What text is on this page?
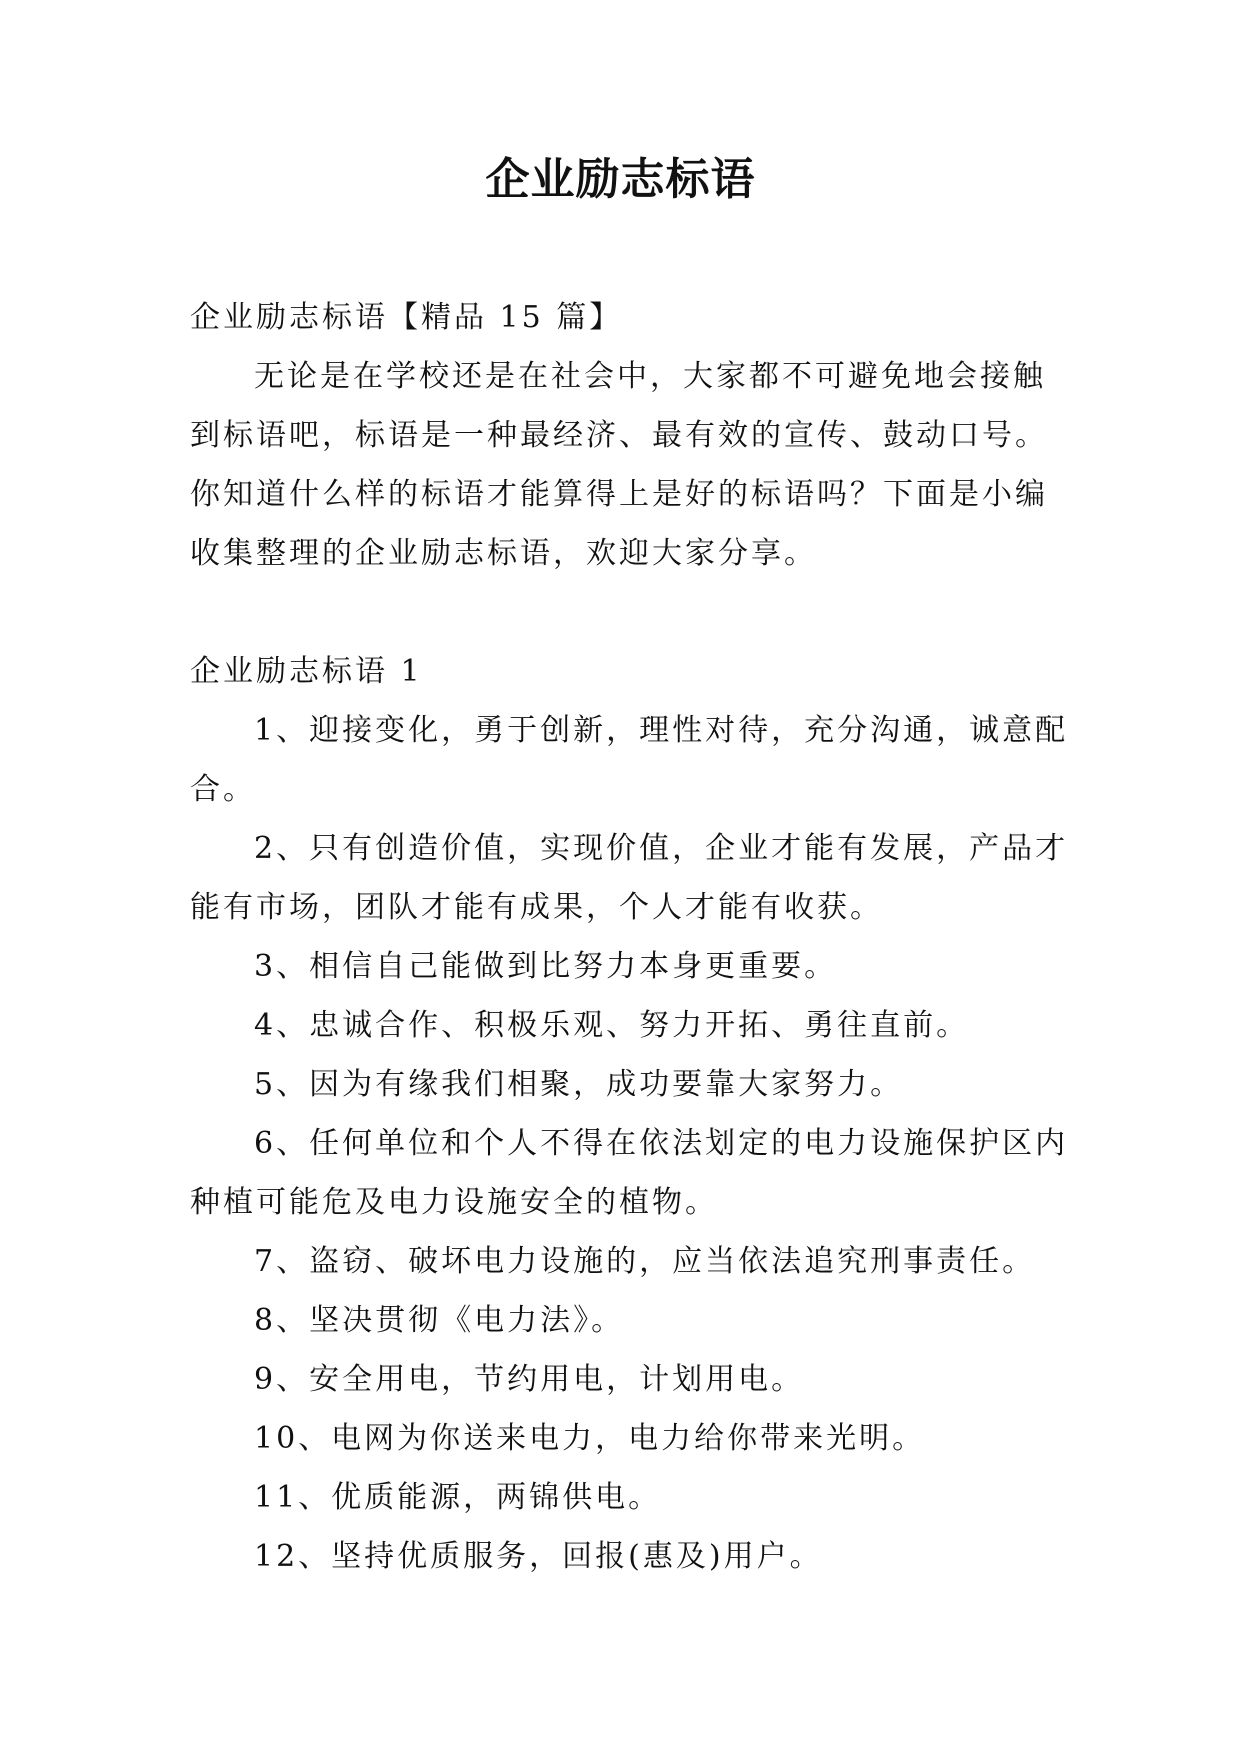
企业励志标语

企业励志标语【精品 15 篇】

无论是在学校还是在社会中，大家都不可避免地会接触到标语吧，标语是一种最经济、最有效的宣传、鼓动口号。你知道什么样的标语才能算得上是好的标语吗？下面是小编收集整理的企业励志标语，欢迎大家分享。

企业励志标语 1

1、迎接变化，勇于创新，理性对待，充分沟通，诚意配合。

2、只有创造价值，实现价值，企业才能有发展，产品才能有市场，团队才能有成果，个人才能有收获。

3、相信自己能做到比努力本身更重要。

4、忠诚合作、积极乐观、努力开拓、勇往直前。

5、因为有缘我们相聚，成功要靠大家努力。

6、任何单位和个人不得在依法划定的电力设施保护区内种植可能危及电力设施安全的植物。

7、盗窃、破坏电力设施的，应当依法追究刑事责任。

8、坚决贯彻《电力法》。

9、安全用电，节约用电，计划用电。

10、电网为你送来电力，电力给你带来光明。

11、优质能源，两锦供电。

12、坚持优质服务，回报(惠及)用户。
